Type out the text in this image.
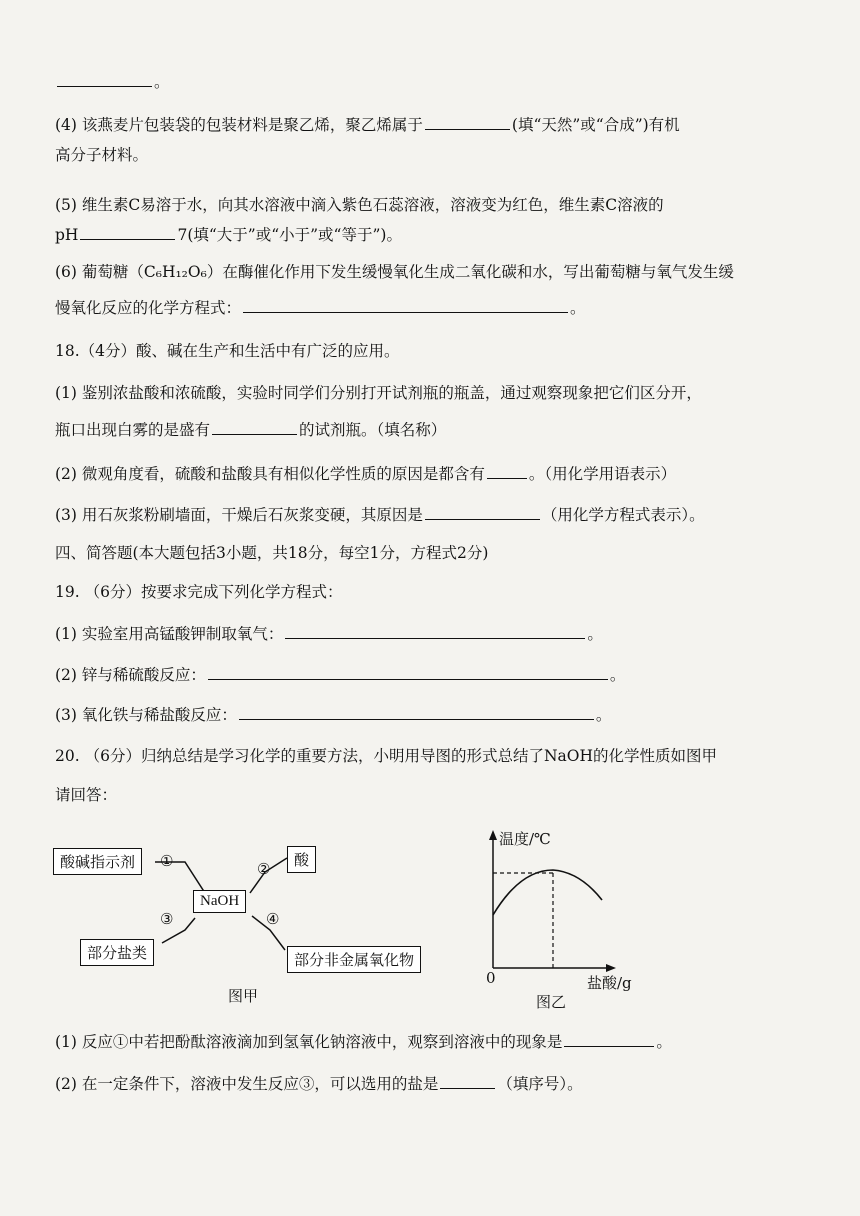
。
(4) 该燕麦片包装袋的包装材料是聚乙烯，聚乙烯属于	(填“天然”或“合成”)有机
高分子材料。
(5) 维生素C易溶于水，向其水溶液中滴入紫色石蕊溶液，溶液变为红色，维生素C溶液的
pH	7(填“大于”或“小于”或“等于”)。
(6) 葡萄糖（C₆H₁₂O₆）在酶催化作用下发生缓慢氧化生成二氧化碳和水，写出葡萄糖与氧气发生缓
慢氧化反应的化学方程式：	。
18.（4分）酸、碱在生产和生活中有广泛的应用。
(1) 鉴别浓盐酸和浓硫酸，实验时同学们分别打开试剂瓶的瓶盖，通过观察现象把它们区分开，
瓶口出现白雾的是盛有	的试剂瓶。（填名称）
(2) 微观角度看，硫酸和盐酸具有相似化学性质的原因是都含有	。（用化学用语表示）
(3) 用石灰浆粉刷墙面，干燥后石灰浆变硬，其原因是	（用化学方程式表示）。
四、简答题(本大题包括3小题，共18分，每空1分，方程式2分)
19. （6分）按要求完成下列化学方程式：
(1) 实验室用高锰酸钾制取氧气：	。
(2) 锌与稀硫酸反应：	。
(3) 氧化铁与稀盐酸反应：	。
20. （6分）归纳总结是学习化学的重要方法，小明用导图的形式总结了NaOH的化学性质如图甲
请回答：
酸碱指示剂	①	②	酸
NaOH
③	④
部分盐类	部分非金属氧化物
图甲
温度/℃
0	盐酸/g
图乙
(1) 反应①中若把酚酞溶液滴加到氢氧化钠溶液中，观察到溶液中的现象是	。
(2) 在一定条件下，溶液中发生反应③，可以选用的盐是	（填序号）。
